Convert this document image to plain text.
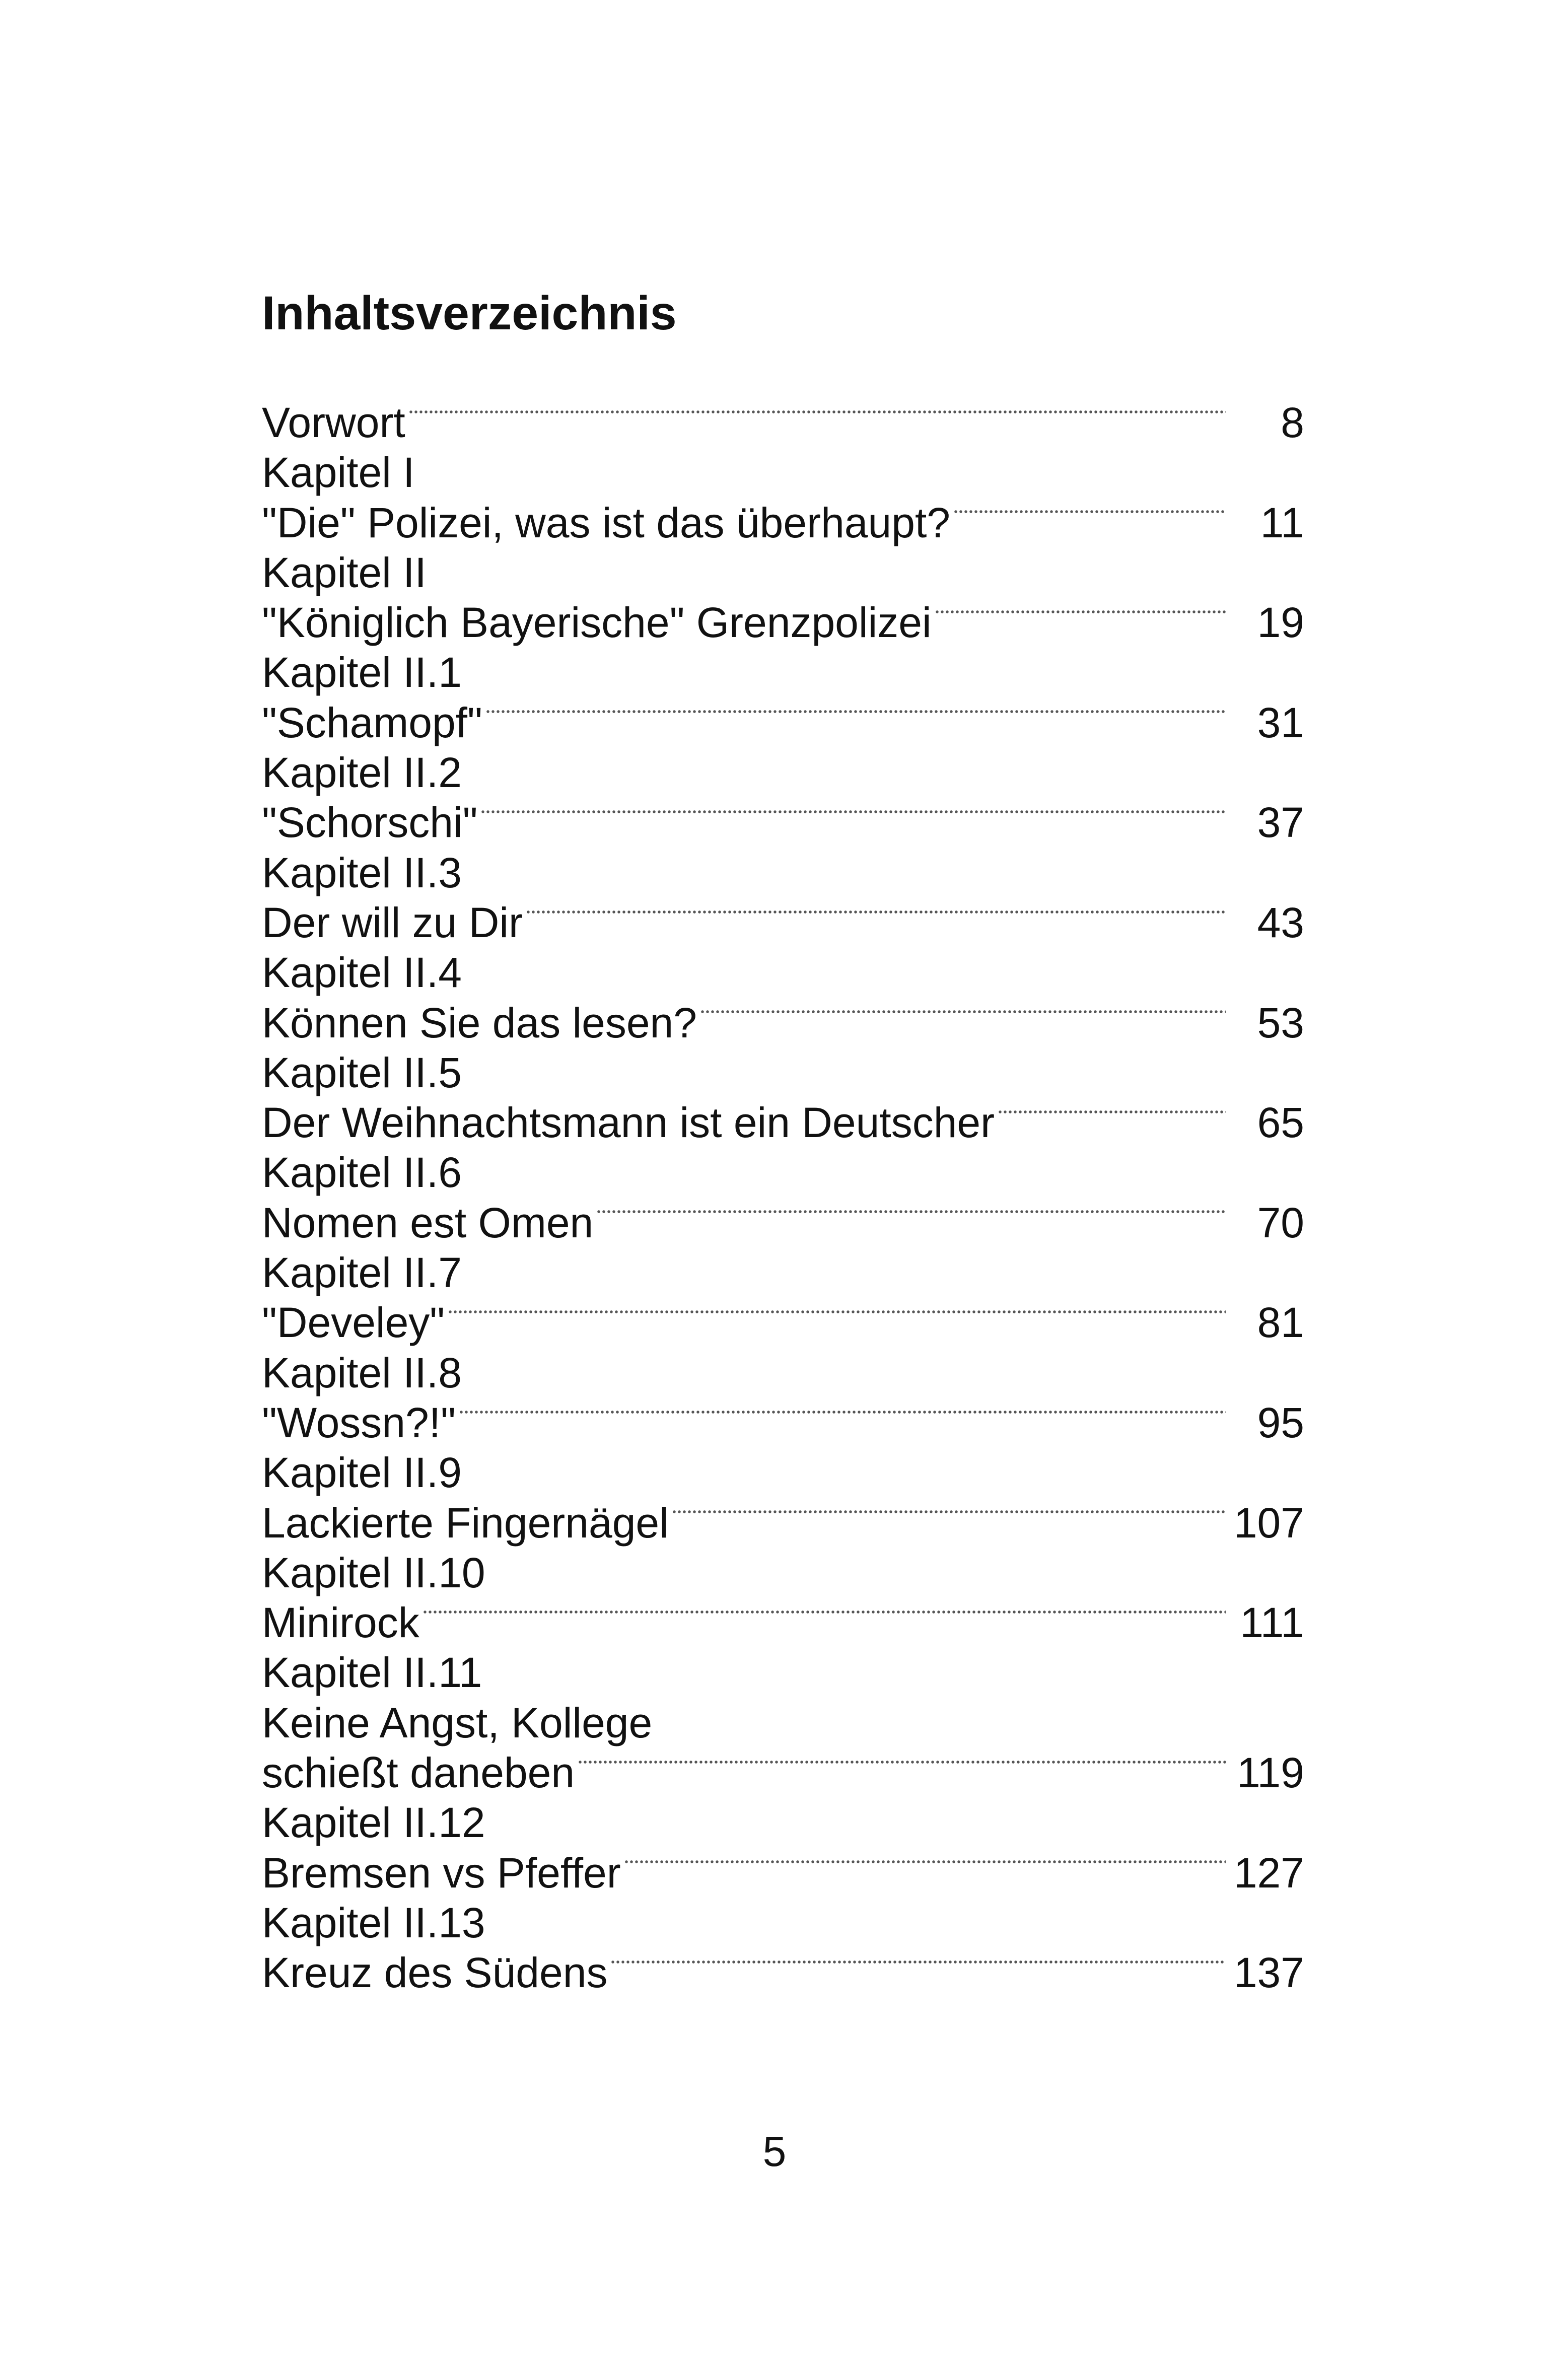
Inhaltsverzeichnis
Vorwort	8
Kapitel I
"Die" Polizei, was ist das überhaupt?	11
Kapitel II
"Königlich Bayerische" Grenzpolizei	19
Kapitel II.1
"Schamopf"	31
Kapitel II.2
"Schorschi"	37
Kapitel II.3
Der will zu Dir	43
Kapitel II.4
Können Sie das lesen?	53
Kapitel II.5
Der Weihnachtsmann ist ein Deutscher	65
Kapitel II.6
Nomen est Omen	70
Kapitel II.7
"Develey"	81
Kapitel II.8
"Wossn?!"	95
Kapitel II.9
Lackierte Fingernägel	107
Kapitel II.10
Minirock	111
Kapitel II.11
Keine Angst, Kollege
schießt daneben	119
Kapitel II.12
Bremsen vs Pfeffer	127
Kapitel II.13
Kreuz des Südens	137
5
